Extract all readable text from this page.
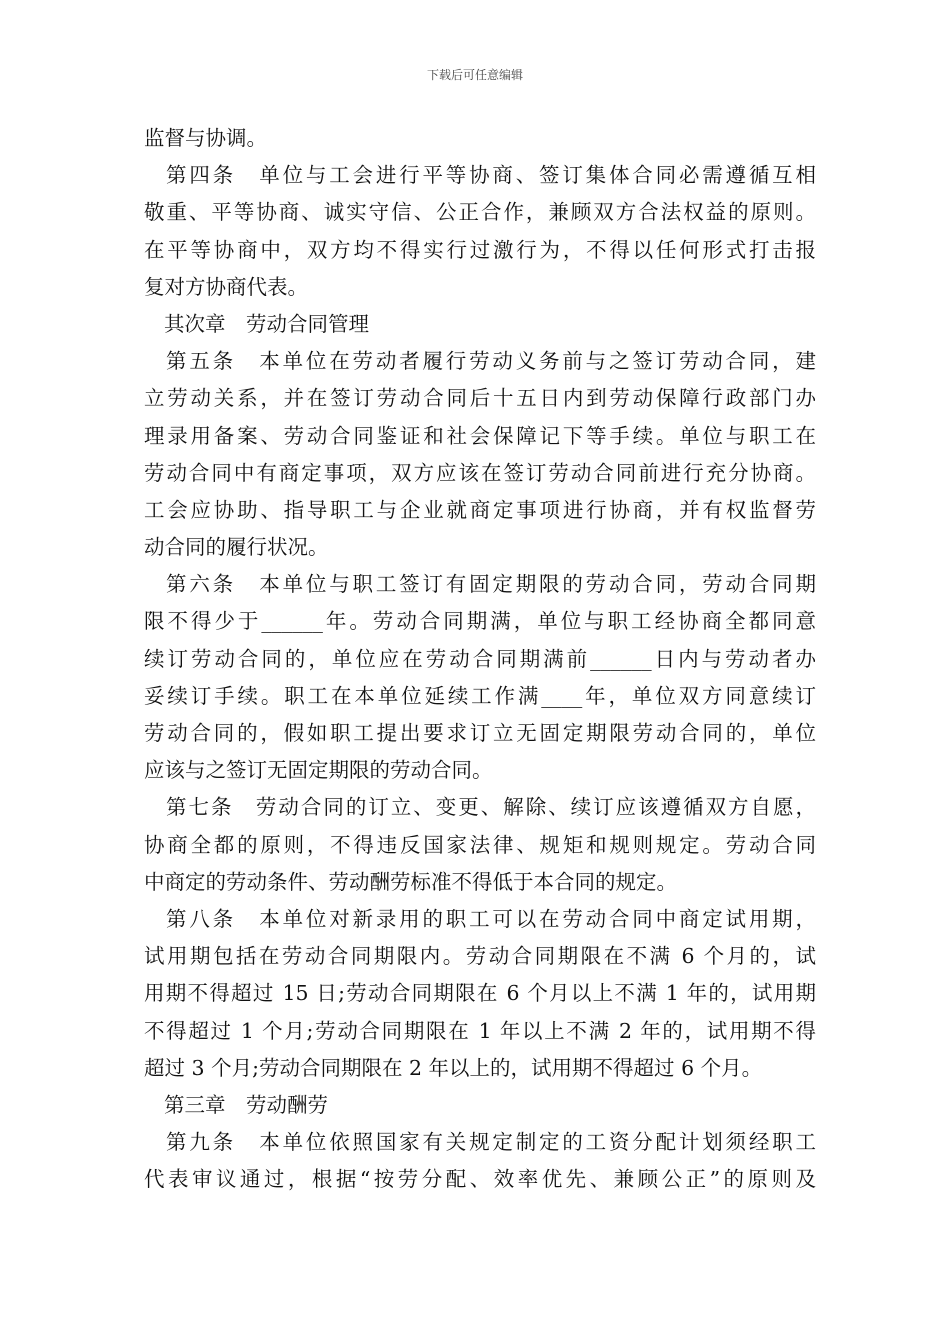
下载后可任意编辑
监督与协调。
第四条　单位与工会进行平等协商、签订集体合同必需遵循互相
敬重、平等协商、诚实守信、公正合作，兼顾双方合法权益的原则。
在平等协商中，双方均不得实行过激行为，不得以任何形式打击报
复对方协商代表。
其次章　劳动合同管理
第五条　本单位在劳动者履行劳动义务前与之签订劳动合同，建
立劳动关系，并在签订劳动合同后十五日内到劳动保障行政部门办
理录用备案、劳动合同鉴证和社会保障记下等手续。单位与职工在
劳动合同中有商定事项，双方应该在签订劳动合同前进行充分协商。
工会应协助、指导职工与企业就商定事项进行协商，并有权监督劳
动合同的履行状况。
第六条　本单位与职工签订有固定期限的劳动合同，劳动合同期
限不得少于______年。劳动合同期满，单位与职工经协商全都同意
续订劳动合同的，单位应在劳动合同期满前______日内与劳动者办
妥续订手续。职工在本单位延续工作满____年，单位双方同意续订
劳动合同的，假如职工提出要求订立无固定期限劳动合同的，单位
应该与之签订无固定期限的劳动合同。
第七条　劳动合同的订立、变更、解除、续订应该遵循双方自愿，
协商全都的原则，不得违反国家法律、规矩和规则规定。劳动合同
中商定的劳动条件、劳动酬劳标准不得低于本合同的规定。
第八条　本单位对新录用的职工可以在劳动合同中商定试用期，
试用期包括在劳动合同期限内。劳动合同期限在不满 6 个月的，试
用期不得超过 15 日;劳动合同期限在 6 个月以上不满 1 年的，试用期
不得超过 1 个月;劳动合同期限在 1 年以上不满 2 年的，试用期不得
超过 3 个月;劳动合同期限在 2 年以上的，试用期不得超过 6 个月。
第三章　劳动酬劳
第九条　本单位依照国家有关规定制定的工资分配计划须经职工
代表审议通过，根据“按劳分配、效率优先、兼顾公正”的原则及
